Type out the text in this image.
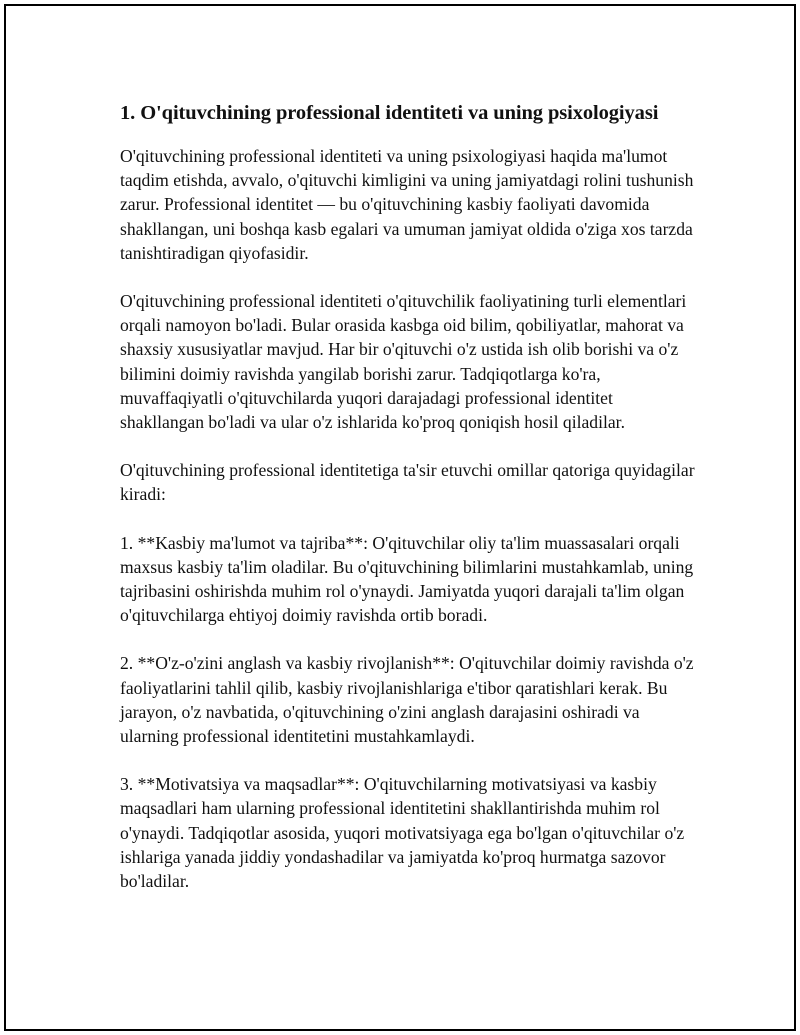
1. O'qituvchining professional identiteti va uning psixologiyasi

O'qituvchining professional identiteti va uning psixologiyasi haqida ma'lumot taqdim etishda, avvalo, o'qituvchi kimligini va uning jamiyatdagi rolini tushunish zarur. Professional identitet — bu o'qituvchining kasbiy faoliyati davomida shakllangan, uni boshqa kasb egalari va umuman jamiyat oldida o'ziga xos tarzda tanishtiradigan qiyofasidir.

O'qituvchining professional identiteti o'qituvchilik faoliyatining turli elementlari orqali namoyon bo'ladi. Bular orasida kasbga oid bilim, qobiliyatlar, mahorat va shaxsiy xususiyatlar mavjud. Har bir o'qituvchi o'z ustida ish olib borishi va o'z bilimini doimiy ravishda yangilab borishi zarur. Tadqiqotlarga ko'ra, muvaffaqiyatli o'qituvchilarda yuqori darajadagi professional identitet shakllangan bo'ladi va ular o'z ishlarida ko'proq qoniqish hosil qiladilar.

O'qituvchining professional identitetiga ta'sir etuvchi omillar qatoriga quyidagilar kiradi:

1. **Kasbiy ma'lumot va tajriba**: O'qituvchilar oliy ta'lim muassasalari orqali maxsus kasbiy ta'lim oladilar. Bu o'qituvchining bilimlarini mustahkamlab, uning tajribasini oshirishda muhim rol o'ynaydi. Jamiyatda yuqori darajali ta'lim olgan o'qituvchilarga ehtiyoj doimiy ravishda ortib boradi.

2. **O'z-o'zini anglash va kasbiy rivojlanish**: O'qituvchilar doimiy ravishda o'z faoliyatlarini tahlil qilib, kasbiy rivojlanishlariga e'tibor qaratishlari kerak. Bu jarayon, o'z navbatida, o'qituvchining o'zini anglash darajasini oshiradi va ularning professional identitetini mustahkamlaydi.

3. **Motivatsiya va maqsadlar**: O'qituvchilarning motivatsiyasi va kasbiy maqsadlari ham ularning professional identitetini shakllantirishda muhim rol o'ynaydi. Tadqiqotlar asosida, yuqori motivatsiyaga ega bo'lgan o'qituvchilar o'z ishlariga yanada jiddiy yondashadilar va jamiyatda ko'proq hurmatga sazovor bo'ladilar.
